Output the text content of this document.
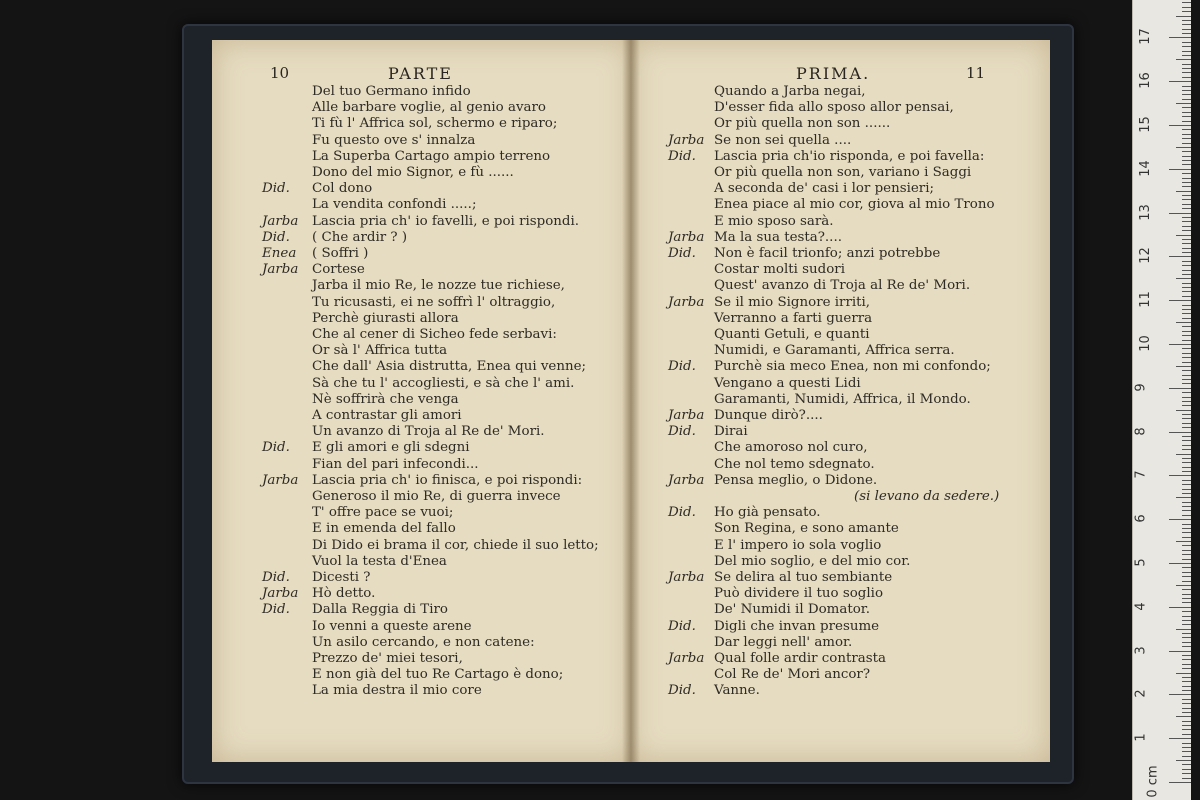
10	PARTE	PRIMA.	11
Del tuo Germano infido
Alle barbare voglie, al genio avaro
Ti fù l' Affrica sol, schermo e riparo;
Fu questo ove s' innalza
La Superba Cartago ampio terreno
Dono del mio Signor, e fù ......
Did. Col dono
La vendita confondi .....;
Jarba Lascia pria ch' io favelli, e poi rispondi.
Did. ( Che ardir ? )
Enea ( Soffri )
Jarba Cortese
Jarba il mio Re, le nozze tue richiese,
Tu ricusasti, ei ne soffrì l' oltraggio,
Perchè giurasti allora
Che al cener di Sicheo fede serbavi:
Or sà l' Affrica tutta
Che dall' Asia distrutta, Enea qui venne;
Sà che tu l' accogliesti, e sà che l' ami.
Nè soffrirà che venga
A contrastar gli amori
Un avanzo di Troja al Re de' Mori.
Did. E gli amori e gli sdegni
Fian del pari infecondi...
Jarba Lascia pria ch' io finisca, e poi rispondi:
Generoso il mio Re, di guerra invece
T' offre pace se vuoi;
E in emenda del fallo
Di Dido ei brama il cor, chiede il suo letto;
Vuol la testa d'Enea
Did. Dicesti ?
Jarba Hò detto.
Did. Dalla Reggia di Tiro
Io venni a queste arene
Un asilo cercando, e non catene:
Prezzo de' miei tesori,
E non già del tuo Re Cartago è dono;
La mia destra il mio core
Quando a Jarba negai,
D'esser fida allo sposo allor pensai,
Or più quella non son ......
Jarba Se non sei quella ....
Did. Lascia pria ch'io risponda, e poi favella:
Or più quella non son, variano i Saggi
A seconda de' casi i lor pensieri;
Enea piace al mio cor, giova al mio Trono
E mio sposo sarà.
Jarba Ma la sua testa?....
Did. Non è facil trionfo; anzi potrebbe
Costar molti sudori
Quest' avanzo di Troja al Re de' Mori.
Jarba Se il mio Signore irriti,
Verranno a farti guerra
Quanti Getuli, e quanti
Numidi, e Garamanti, Affrica serra.
Did. Purchè sia meco Enea, non mi confondo;
Vengano a questi Lidi
Garamanti, Numidi, Affrica, il Mondo.
Jarba Dunque dirò?....
Did. Dirai
Che amoroso nol curo,
Che nol temo sdegnato.
Jarba Pensa meglio, o Didone.
(si levano da sedere.)
Did. Ho già pensato.
Son Regina, e sono amante
E l' impero io sola voglio
Del mio soglio, e del mio cor.
Jarba Se delira al tuo sembiante
Può dividere il tuo soglio
De' Numidi il Domator.
Did. Digli che invan presume
Dar leggi nell' amor.
Jarba Qual folle ardir contrasta
Col Re de' Mori ancor?
Did. Vanne.
0 cm
1
2
3
4
5
6
7
8
9
10
11
12
13
14
15
16
17
